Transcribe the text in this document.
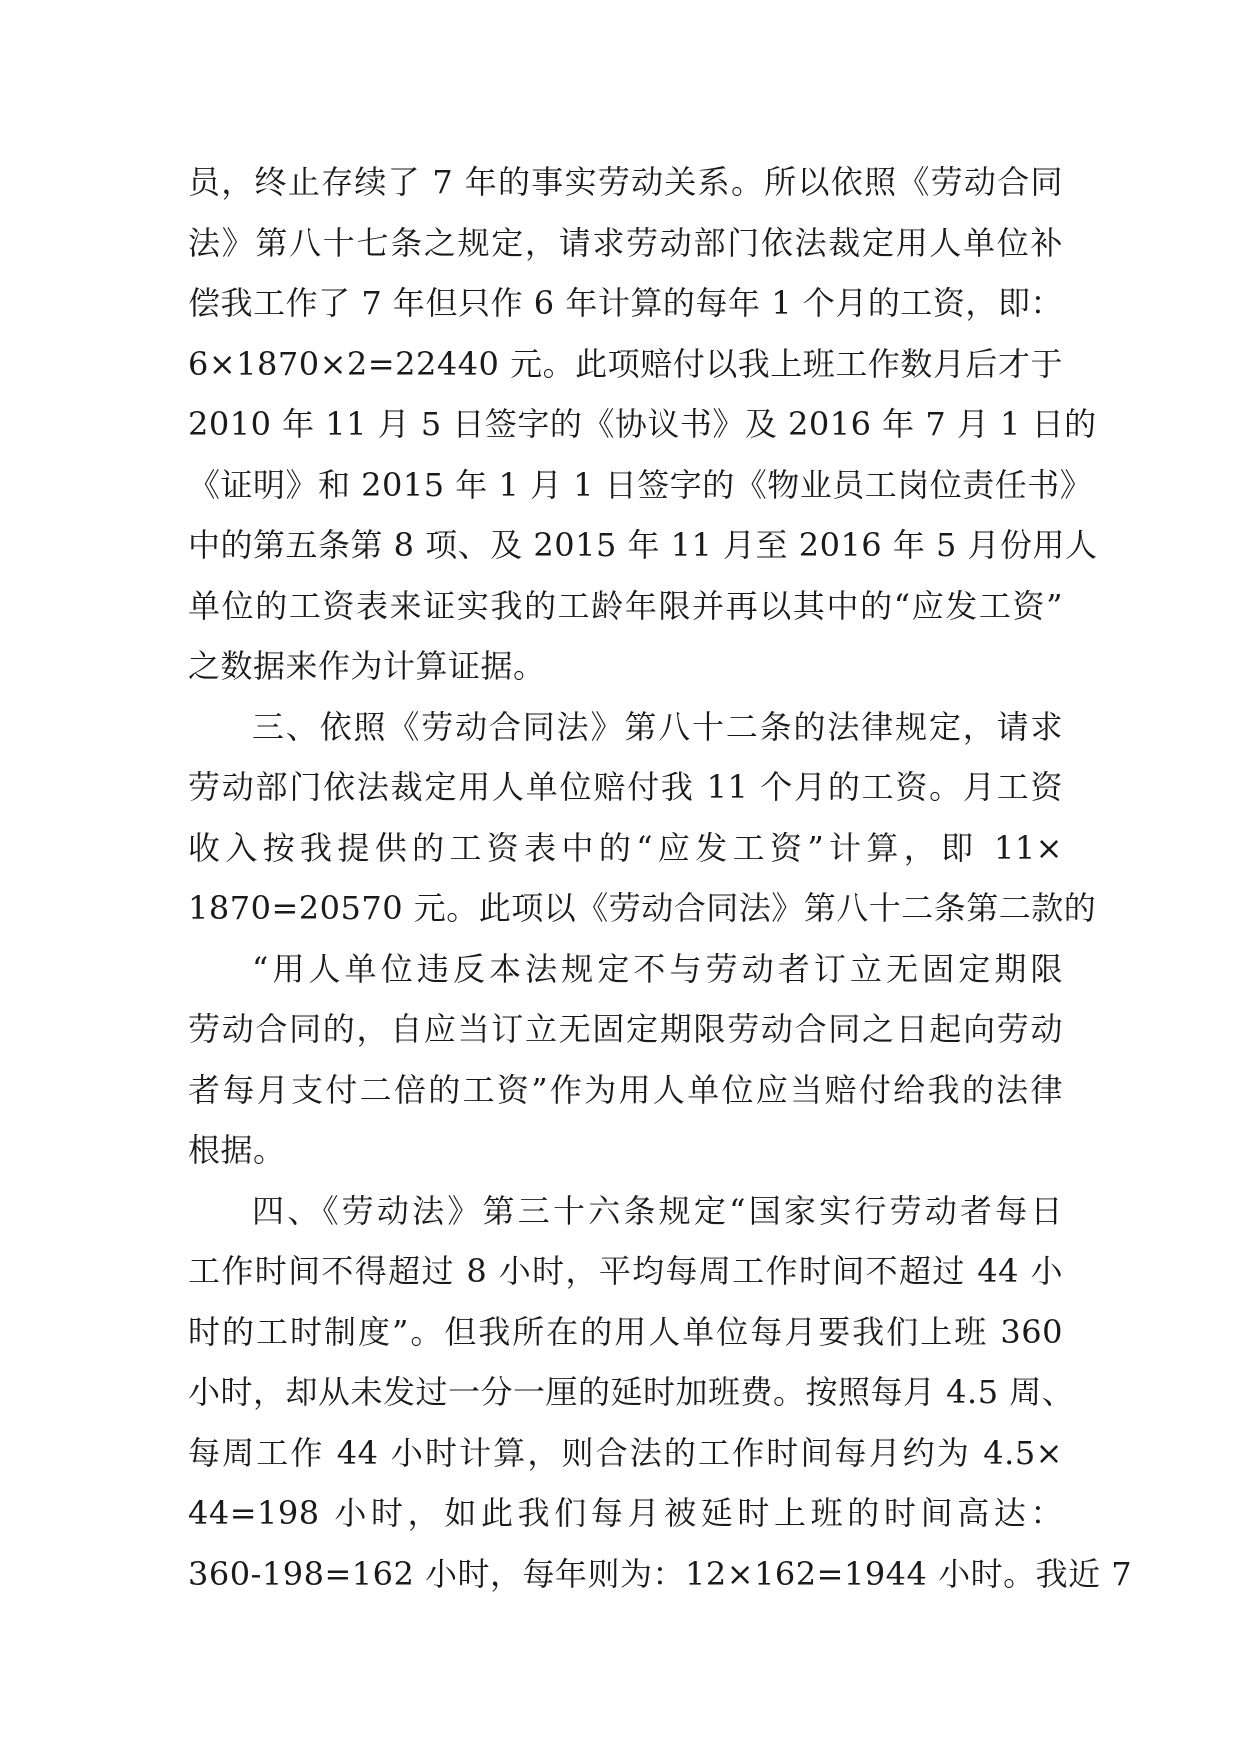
员，终止存续了 7 年的事实劳动关系。所以依照《劳动合同
法》第八十七条之规定，请求劳动部门依法裁定用人单位补
偿我工作了 7 年但只作 6 年计算的每年 1 个月的工资，即：
6×1870×2=22440 元。此项赔付以我上班工作数月后才于
2010 年 11 月 5 日签字的《协议书》及 2016 年 7 月 1 日的
《证明》和 2015 年 1 月 1 日签字的《物业员工岗位责任书》
中的第五条第 8 项、及 2015 年 11 月至 2016 年 5 月份用人
单位的工资表来证实我的工龄年限并再以其中的“应发工资”
之数据来作为计算证据。
三、依照《劳动合同法》第八十二条的法律规定，请求
劳动部门依法裁定用人单位赔付我 11 个月的工资。月工资
收入按我提供的工资表中的“应发工资”计算，即 11×
1870=20570 元。此项以《劳动合同法》第八十二条第二款的
“用人单位违反本法规定不与劳动者订立无固定期限
劳动合同的，自应当订立无固定期限劳动合同之日起向劳动
者每月支付二倍的工资”作为用人单位应当赔付给我的法律
根据。
四、《劳动法》第三十六条规定“国家实行劳动者每日
工作时间不得超过 8 小时，平均每周工作时间不超过 44 小
时的工时制度”。但我所在的用人单位每月要我们上班 360
小时，却从未发过一分一厘的延时加班费。按照每月 4.5 周、
每周工作 44 小时计算，则合法的工作时间每月约为 4.5×
44=198 小时，如此我们每月被延时上班的时间高达：
360-198=162 小时，每年则为：12×162=1944 小时。我近 7
